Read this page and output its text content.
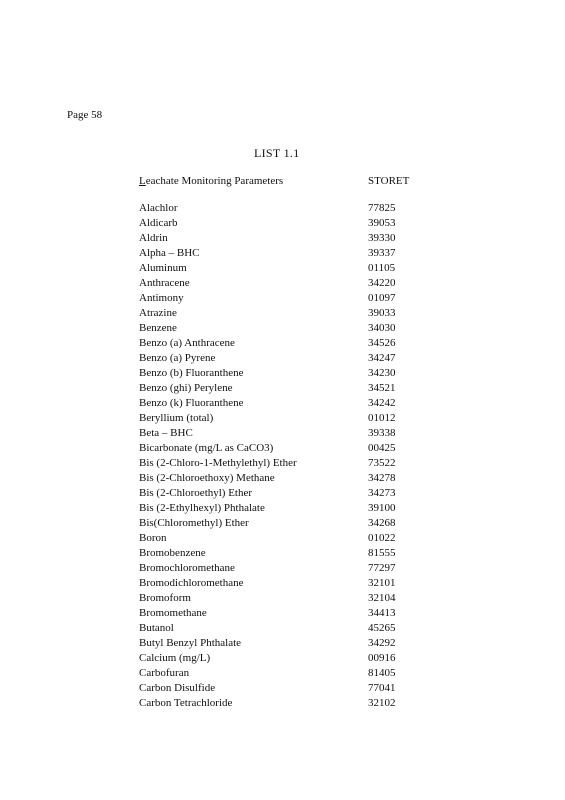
Page 58
LIST 1.1
Leachate Monitoring Parameters	STORET
Alachlor	77825
Aldicarb	39053
Aldrin	39330
Alpha – BHC	39337
Aluminum	01105
Anthracene	34220
Antimony	01097
Atrazine	39033
Benzene	34030
Benzo (a) Anthracene	34526
Benzo (a) Pyrene	34247
Benzo (b) Fluoranthene	34230
Benzo (ghi) Perylene	34521
Benzo (k) Fluoranthene	34242
Beryllium (total)	01012
Beta – BHC	39338
Bicarbonate (mg/L as CaCO3)	00425
Bis (2-Chloro-1-Methylethyl) Ether	73522
Bis (2-Chloroethoxy) Methane	34278
Bis (2-Chloroethyl) Ether	34273
Bis (2-Ethylhexyl) Phthalate	39100
Bis(Chloromethyl) Ether	34268
Boron	01022
Bromobenzene	81555
Bromochloromethane	77297
Bromodichloromethane	32101
Bromoform	32104
Bromomethane	34413
Butanol	45265
Butyl Benzyl Phthalate	34292
Calcium (mg/L)	00916
Carbofuran	81405
Carbon Disulfide	77041
Carbon Tetrachloride	32102
